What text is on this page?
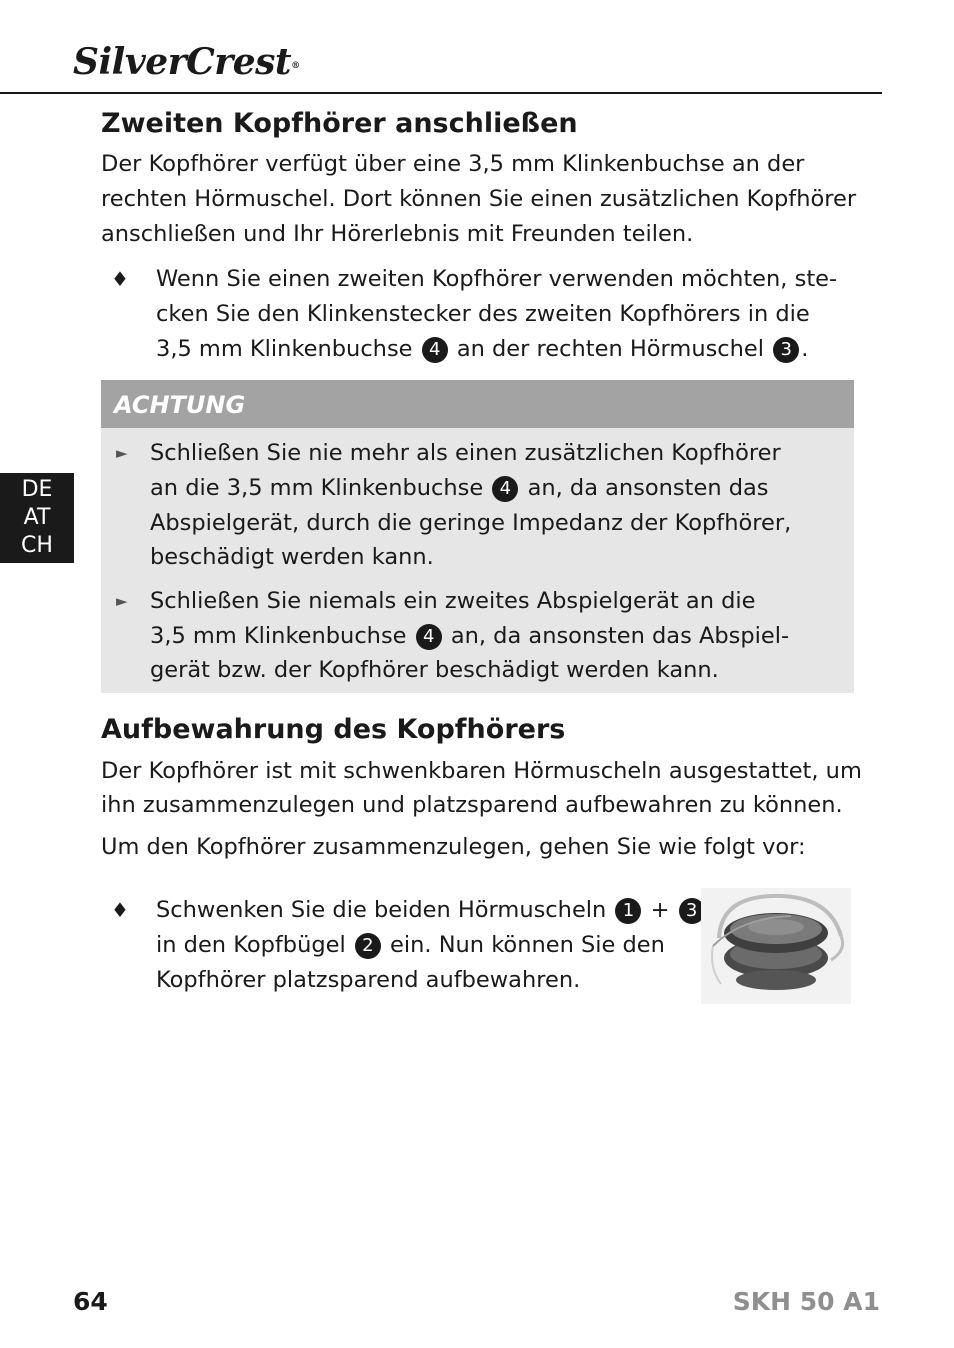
SilverCrest®
DE
AT
CH
Zweiten Kopfhörer anschließen
Der Kopfhörer verfügt über eine 3,5 mm Klinkenbuchse an der
rechten Hörmuschel. Dort können Sie einen zusätzlichen Kopfhörer
anschließen und Ihr Hörerlebnis mit Freunden teilen.
♦ Wenn Sie einen zweiten Kopfhörer verwenden möchten, ste-
cken Sie den Klinkenstecker des zweiten Kopfhörers in die
3,5 mm Klinkenbuchse 4 an der rechten Hörmuschel 3 .
ACHTUNG
► Schließen Sie nie mehr als einen zusätzlichen Kopfhörer
an die 3,5 mm Klinkenbuchse 4 an, da ansonsten das
Abspielgerät, durch die geringe Impedanz der Kopfhörer,
beschädigt werden kann.
► Schließen Sie niemals ein zweites Abspielgerät an die
3,5 mm Klinkenbuchse 4 an, da ansonsten das Abspiel-
gerät bzw. der Kopfhörer beschädigt werden kann.
Aufbewahrung des Kopfhörers
Der Kopfhörer ist mit schwenkbaren Hörmuscheln ausgestattet, um
ihn zusammenzulegen und platzsparend aufbewahren zu können.
Um den Kopfhörer zusammenzulegen, gehen Sie wie folgt vor:
♦ Schwenken Sie die beiden Hörmuscheln 1 + 3
in den Kopfbügel 2 ein. Nun können Sie den
Kopfhörer platzsparend aufbewahren.
64	SKH 50 A1
